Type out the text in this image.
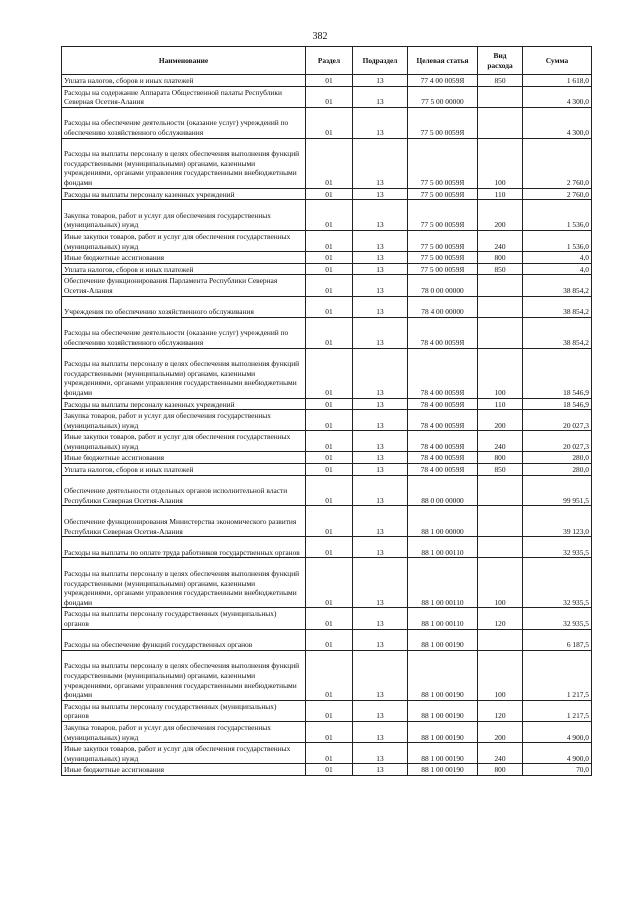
382
Наименование	Раздел	Подраздел	Целевая статья	Вид расхода	Сумма
Уплата налогов, сборов и иных платежей	01	13	77 4 00 0059Я	850	1 618,0
Расходы на содержание Аппарата Общественной палаты Республики Северная Осетия-Алания	01	13	77 5 00 00000		4 300,0
Расходы на обеспечение деятельности (оказание услуг) учреждений по обеспечению хозяйственного обслуживания	01	13	77 5 00 0059Я		4 300,0
Расходы на выплаты персоналу в целях обеспечения выполнения функций государственными (муниципальными) органами, казенными учреждениями, органами управления государственными внебюджетными фондами	01	13	77 5 00 0059Я	100	2 760,0
Расходы на выплаты персоналу казенных учреждений	01	13	77 5 00 0059Я	110	2 760,0
Закупка товаров, работ и услуг для обеспечения государственных (муниципальных) нужд	01	13	77 5 00 0059Я	200	1 536,0
Иные закупки товаров, работ и услуг для обеспечения государственных (муниципальных) нужд	01	13	77 5 00 0059Я	240	1 536,0
Иные бюджетные ассигнования	01	13	77 5 00 0059Я	800	4,0
Уплата налогов, сборов и иных платежей	01	13	77 5 00 0059Я	850	4,0
Обеспечение функционирования Парламента Республики Северная Осетия-Алания	01	13	78 0 00 00000		38 854,2
Учреждения по обеспечению хозяйственного обслуживания	01	13	78 4 00 00000		38 854,2
Расходы на обеспечение деятельности (оказание услуг) учреждений по обеспечению хозяйственного обслуживания	01	13	78 4 00 0059Я		38 854,2
Расходы на выплаты персоналу в целях обеспечения выполнения функций государственными (муниципальными) органами, казенными учреждениями, органами управления государственными внебюджетными фондами	01	13	78 4 00 0059Я	100	18 546,9
Расходы на выплаты персоналу казенных учреждений	01	13	78 4 00 0059Я	110	18 546,9
Закупка товаров, работ и услуг для обеспечения государственных (муниципальных) нужд	01	13	78 4 00 0059Я	200	20 027,3
Иные закупки товаров, работ и услуг для обеспечения государственных (муниципальных) нужд	01	13	78 4 00 0059Я	240	20 027,3
Иные бюджетные ассигнования	01	13	78 4 00 0059Я	800	280,0
Уплата налогов, сборов и иных платежей	01	13	78 4 00 0059Я	850	280,0
Обеспечение деятельности отдельных органов исполнительной власти Республики Северная Осетия-Алания	01	13	88 0 00 00000		99 951,5
Обеспечение функционирования Министерства экономического развития Республики Северная Осетия-Алания	01	13	88 1 00 00000		39 123,0
Расходы на выплаты по оплате труда работников государственных органов	01	13	88 1 00 00110		32 935,5
Расходы на выплаты персоналу в целях обеспечения выполнения функций государственными (муниципальными) органами, казенными учреждениями, органами управления государственными внебюджетными фондами	01	13	88 1 00 00110	100	32 935,5
Расходы на выплаты персоналу государственных (муниципальных) органов	01	13	88 1 00 00110	120	32 935,5
Расходы на обеспечение функций государственных органов	01	13	88 1 00 00190		6 187,5
Расходы на выплаты персоналу в целях обеспечения выполнения функций государственными (муниципальными) органами, казенными учреждениями, органами управления государственными внебюджетными фондами	01	13	88 1 00 00190	100	1 217,5
Расходы на выплаты персоналу государственных (муниципальных) органов	01	13	88 1 00 00190	120	1 217,5
Закупка товаров, работ и услуг для обеспечения государственных (муниципальных) нужд	01	13	88 1 00 00190	200	4 900,0
Иные закупки товаров, работ и услуг для обеспечения государственных (муниципальных) нужд	01	13	88 1 00 00190	240	4 900,0
Иные бюджетные ассигнования	01	13	88 1 00 00190	800	70,0
